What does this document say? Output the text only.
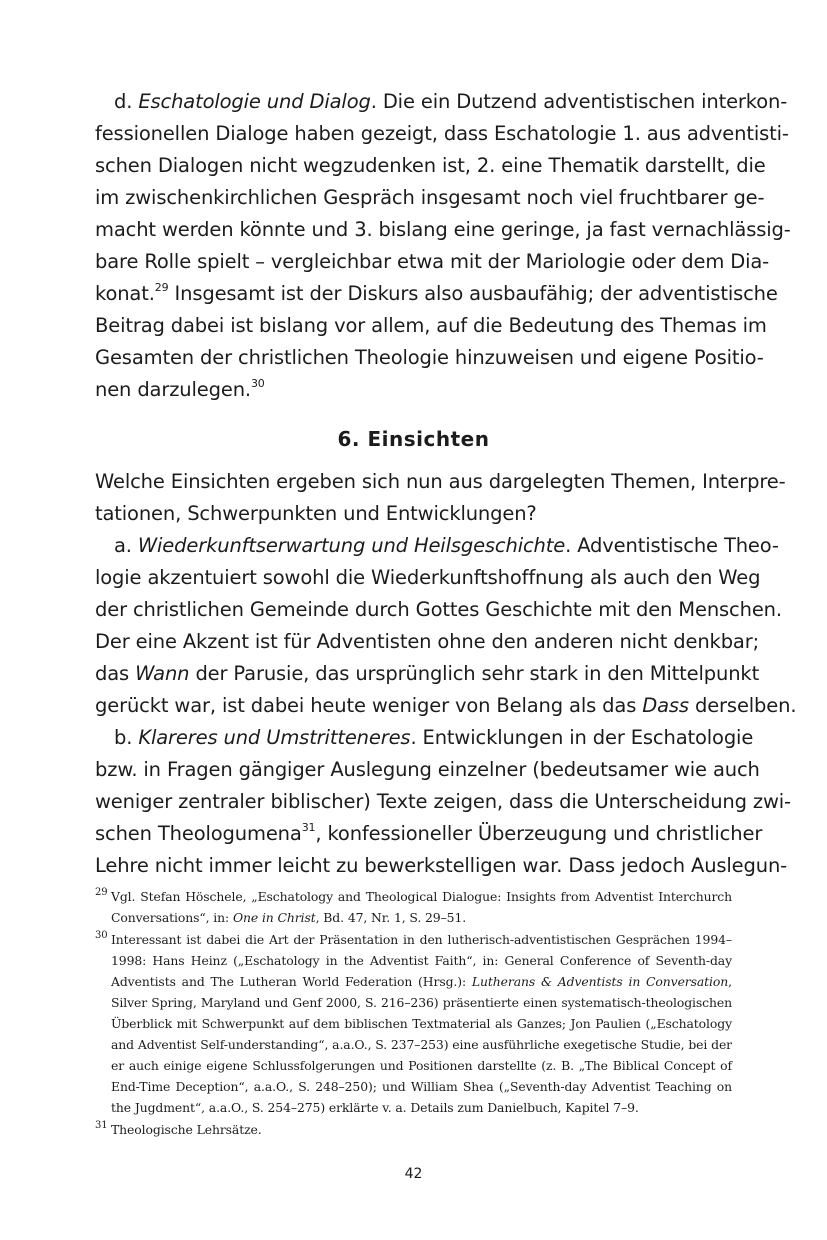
d. Eschatologie und Dialog. Die ein Dutzend adventistischen interkon-
fessionellen Dialoge haben gezeigt, dass Eschatologie 1. aus adventisti-
schen Dialogen nicht wegzudenken ist, 2. eine Thematik darstellt, die
im zwischenkirchlichen Gespräch insgesamt noch viel fruchtbarer ge-
macht werden könnte und 3. bislang eine geringe, ja fast vernachlässig-
bare Rolle spielt – vergleichbar etwa mit der Mariologie oder dem Dia-
konat.$^{29}$ Insgesamt ist der Diskurs also ausbaufähig; der adventistische
Beitrag dabei ist bislang vor allem, auf die Bedeutung des Themas im
Gesamten der christlichen Theologie hinzuweisen und eigene Positio-
nen darzulegen.$^{30}$
6. Einsichten
Welche Einsichten ergeben sich nun aus dargelegten Themen, Interpre-
tationen, Schwerpunkten und Entwicklungen?
a. Wiederkunftserwartung und Heilsgeschichte. Adventistische Theo-
logie akzentuiert sowohl die Wiederkunftshoffnung als auch den Weg
der christlichen Gemeinde durch Gottes Geschichte mit den Menschen.
Der eine Akzent ist für Adventisten ohne den anderen nicht denkbar;
das Wann der Parusie, das ursprünglich sehr stark in den Mittelpunkt
gerückt war, ist dabei heute weniger von Belang als das Dass derselben.
b. Klareres und Umstritteneres. Entwicklungen in der Eschatologie
bzw. in Fragen gängiger Auslegung einzelner (bedeutsamer wie auch
weniger zentraler biblischer) Texte zeigen, dass die Unterscheidung zwi-
schen Theologumena$^{31}$, konfessioneller Überzeugung und christlicher
Lehre nicht immer leicht zu bewerkstelligen war. Dass jedoch Auslegun-
29 Vgl. Stefan Höschele, „Eschatology and Theological Dialogue: Insights from Adventist Interchurch
Conversations“, in: One in Christ, Bd. 47, Nr. 1, S. 29–51.
30 Interessant ist dabei die Art der Präsentation in den lutherisch-adventistischen Gesprächen 1994–
1998: Hans Heinz („Eschatology in the Adventist Faith“, in: General Conference of Seventh-day
Adventists and The Lutheran World Federation (Hrsg.): Lutherans & Adventists in Conversation,
Silver Spring, Maryland und Genf 2000, S. 216–236) präsentierte einen systematisch-theologischen
Überblick mit Schwerpunkt auf dem biblischen Textmaterial als Ganzes; Jon Paulien („Eschatology
and Adventist Self-understanding“, a.a.O., S. 237–253) eine ausführliche exegetische Studie, bei der
er auch einige eigene Schlussfolgerungen und Positionen darstellte (z. B. „The Biblical Concept of
End-Time Deception“, a.a.O., S. 248–250); und William Shea („Seventh-day Adventist Teaching on
the Jugdment“, a.a.O., S. 254–275) erklärte v. a. Details zum Danielbuch, Kapitel 7–9.
31 Theologische Lehrsätze.
42
